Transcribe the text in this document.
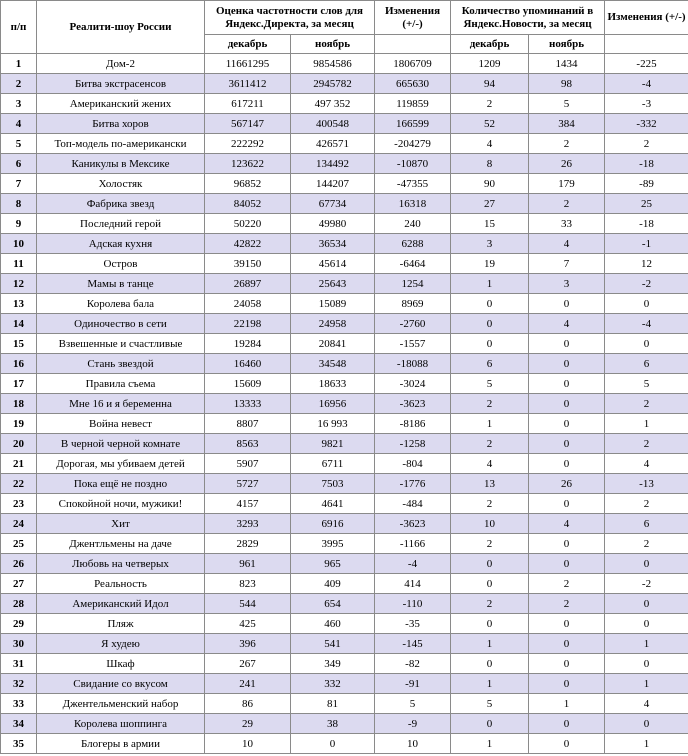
п/п	Реалити-шоу России	Оценка частотности слов для Яндекс.Директа, за месяц		Изменения (+/-)	Количество упоминаний в Яндекс.Новости, за месяц		Изменения (+/-)
		декабрь	ноябрь		декабрь	ноябрь	
1	Дом-2	11661295	9854586	1806709	1209	1434	-225
2	Битва экстрасенсов	3611412	2945782	665630	94	98	-4
3	Американский жених	617211	497 352	119859	2	5	-3
4	Битва хоров	567147	400548	166599	52	384	-332
5	Топ-модель по-американски	222292	426571	-204279	4	2	2
6	Каникулы в Мексике	123622	134492	-10870	8	26	-18
7	Холостяк	96852	144207	-47355	90	179	-89
8	Фабрика звезд	84052	67734	16318	27	2	25
9	Последний герой	50220	49980	240	15	33	-18
10	Адская кухня	42822	36534	6288	3	4	-1
11	Остров	39150	45614	-6464	19	7	12
12	Мамы в танце	26897	25643	1254	1	3	-2
13	Королева бала	24058	15089	8969	0	0	0
14	Одиночество в сети	22198	24958	-2760	0	4	-4
15	Взвешенные и счастливые	19284	20841	-1557	0	0	0
16	Стань звездой	16460	34548	-18088	6	0	6
17	Правила съема	15609	18633	-3024	5	0	5
18	Мне 16 и я беременна	13333	16956	-3623	2	0	2
19	Война невест	8807	16 993	-8186	1	0	1
20	В черной черной комнате	8563	9821	-1258	2	0	2
21	Дорогая, мы убиваем детей	5907	6711	-804	4	0	4
22	Пока ещё не поздно	5727	7503	-1776	13	26	-13
23	Спокойной ночи, мужики!	4157	4641	-484	2	0	2
24	Хит	3293	6916	-3623	10	4	6
25	Джентльмены на даче	2829	3995	-1166	2	0	2
26	Любовь на четверых	961	965	-4	0	0	0
27	Реальность	823	409	414	0	2	-2
28	Американский Идол	544	654	-110	2	2	0
29	Пляж	425	460	-35	0	0	0
30	Я худею	396	541	-145	1	0	1
31	Шкаф	267	349	-82	0	0	0
32	Свидание со вкусом	241	332	-91	1	0	1
33	Джентельменский набор	86	81	5	5	1	4
34	Королева шоппинга	29	38	-9	0	0	0
35	Блогеры в армии	10	0	10	1	0	1
